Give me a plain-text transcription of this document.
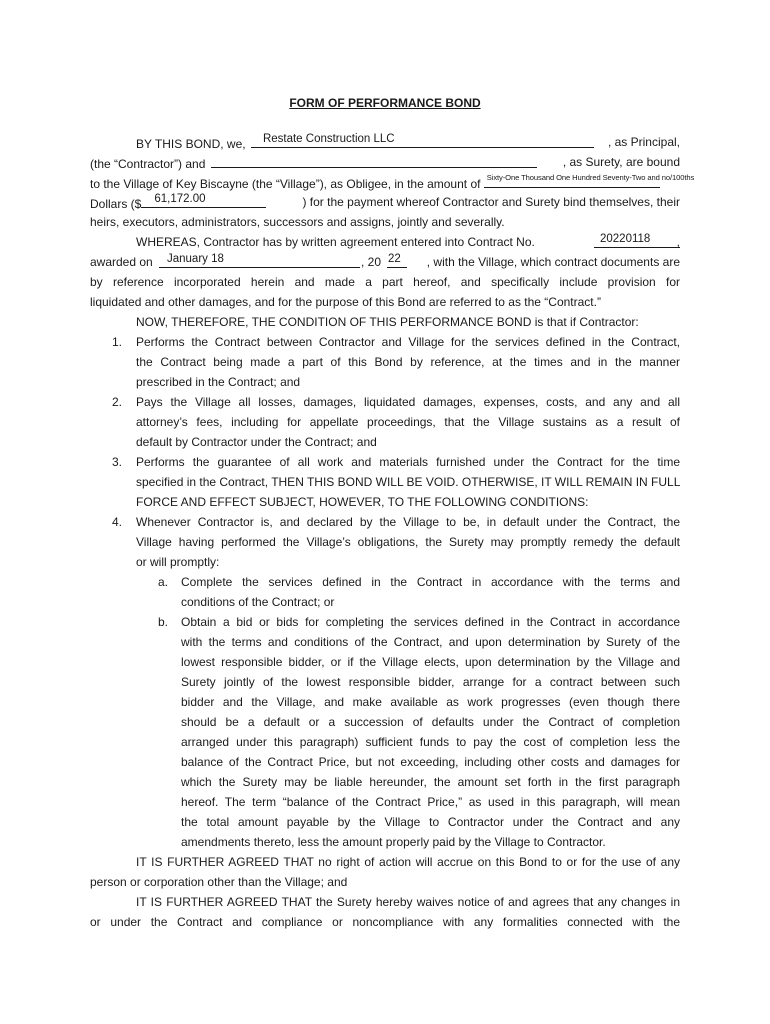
FORM OF PERFORMANCE BOND
BY THIS BOND, we, Restate Construction LLC	, as Principal,
(the “Contractor”) and	, as Surety, are bound
to the Village of Key Biscayne (the “Village”), as Obligee, in the amount of Sixty-One Thousand One Hundred Seventy-Two and no/100ths
Dollars ($ 61,172.00	) for the payment whereof Contractor and Surety bind themselves, their
heirs, executors, administrators, successors and assigns, jointly and severally.
WHEREAS, Contractor has by written agreement entered into Contract No.	20220118 ,
awarded on January 18	, 20 22 , with the Village, which contract documents are
by reference incorporated herein and made a part hereof, and specifically include provision for
liquidated and other damages, and for the purpose of this Bond are referred to as the “Contract.”
NOW, THEREFORE, THE CONDITION OF THIS PERFORMANCE BOND is that if Contractor:
1. Performs the Contract between Contractor and Village for the services defined in the Contract,
the Contract being made a part of this Bond by reference, at the times and in the manner
prescribed in the Contract; and
2. Pays the Village all losses, damages, liquidated damages, expenses, costs, and any and all
attorney’s fees, including for appellate proceedings, that the Village sustains as a result of
default by Contractor under the Contract; and
3. Performs the guarantee of all work and materials furnished under the Contract for the time
specified in the Contract, THEN THIS BOND WILL BE VOID. OTHERWISE, IT WILL REMAIN IN FULL
FORCE AND EFFECT SUBJECT, HOWEVER, TO THE FOLLOWING CONDITIONS:
4. Whenever Contractor is, and declared by the Village to be, in default under the Contract, the
Village having performed the Village’s obligations, the Surety may promptly remedy the default
or will promptly:
a. Complete the services defined in the Contract in accordance with the terms and
conditions of the Contract; or
b. Obtain a bid or bids for completing the services defined in the Contract in accordance
with the terms and conditions of the Contract, and upon determination by Surety of the
lowest responsible bidder, or if the Village elects, upon determination by the Village and
Surety jointly of the lowest responsible bidder, arrange for a contract between such
bidder and the Village, and make available as work progresses (even though there
should be a default or a succession of defaults under the Contract of completion
arranged under this paragraph) sufficient funds to pay the cost of completion less the
balance of the Contract Price, but not exceeding, including other costs and damages for
which the Surety may be liable hereunder, the amount set forth in the first paragraph
hereof. The term “balance of the Contract Price,” as used in this paragraph, will mean
the total amount payable by the Village to Contractor under the Contract and any
amendments thereto, less the amount properly paid by the Village to Contractor.
IT IS FURTHER AGREED THAT no right of action will accrue on this Bond to or for the use of any
person or corporation other than the Village; and
IT IS FURTHER AGREED THAT the Surety hereby waives notice of and agrees that any changes in
or under the Contract and compliance or noncompliance with any formalities connected with the
